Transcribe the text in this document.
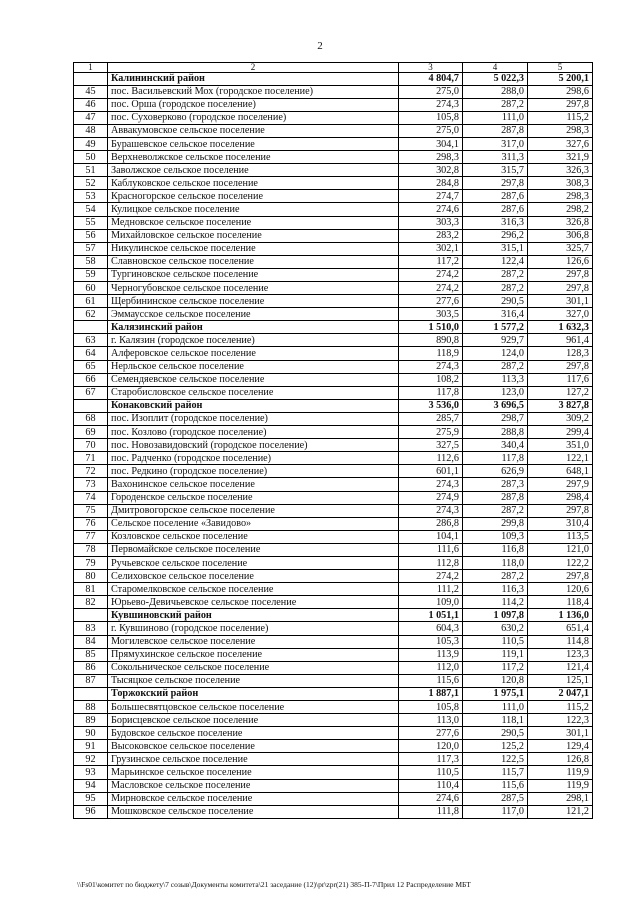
2
1	2	3	4	5
	Калининский район	4 804,7	5 022,3	5 200,1
45	пос. Васильевский Мох (городское поселение)	275,0	288,0	298,6
46	пос. Орша (городское поселение)	274,3	287,2	297,8
47	пос. Суховерково (городское поселение)	105,8	111,0	115,2
48	Аввакумовское сельское поселение	275,0	287,8	298,3
49	Бурашевское сельское поселение	304,1	317,0	327,6
50	Верхневолжское сельское поселение	298,3	311,3	321,9
51	Заволжское сельское поселение	302,8	315,7	326,3
52	Каблуковское сельское поселение	284,8	297,8	308,3
53	Красногорское сельское поселение	274,7	287,6	298,3
54	Кулицкое сельское поселение	274,6	287,6	298,2
55	Медновское сельское поселение	303,3	316,3	326,8
56	Михайловское сельское поселение	283,2	296,2	306,8
57	Никулинское сельское поселение	302,1	315,1	325,7
58	Славновское сельское поселение	117,2	122,4	126,6
59	Тургиновское сельское поселение	274,2	287,2	297,8
60	Черногубовское сельское поселение	274,2	287,2	297,8
61	Щербининское сельское поселение	277,6	290,5	301,1
62	Эммаусское сельское поселение	303,5	316,4	327,0
	Калязинский район	1 510,0	1 577,2	1 632,3
63	г. Калязин (городское поселение)	890,8	929,7	961,4
64	Алферовское сельское поселение	118,9	124,0	128,3
65	Нерльское сельское поселение	274,3	287,2	297,8
66	Семендяевское сельское поселение	108,2	113,3	117,6
67	Старобисловское сельское поселение	117,8	123,0	127,2
	Конаковский район	3 536,0	3 696,5	3 827,8
68	пос. Изоплит (городское поселение)	285,7	298,7	309,2
69	пос. Козлово (городское поселение)	275,9	288,8	299,4
70	пос. Новозавидовский (городское поселение)	327,5	340,4	351,0
71	пос. Радченко (городское поселение)	112,6	117,8	122,1
72	пос. Редкино (городское поселение)	601,1	626,9	648,1
73	Вахонинское сельское поселение	274,3	287,3	297,9
74	Городенское сельское поселение	274,9	287,8	298,4
75	Дмитровогорское сельское поселение	274,3	287,2	297,8
76	Сельское поселение «Завидово»	286,8	299,8	310,4
77	Козловское сельское поселение	104,1	109,3	113,5
78	Первомайское сельское поселение	111,6	116,8	121,0
79	Ручьевское сельское поселение	112,8	118,0	122,2
80	Селиховское сельское поселение	274,2	287,2	297,8
81	Старомелковское сельское поселение	111,2	116,3	120,6
82	Юрьево-Девичьевское сельское поселение	109,0	114,2	118,4
	Кувшиновский район	1 051,1	1 097,8	1 136,0
83	г. Кувшиново (городское поселение)	604,3	630,2	651,4
84	Могилевское сельское поселение	105,3	110,5	114,8
85	Прямухинское сельское поселение	113,9	119,1	123,3
86	Сокольническое сельское поселение	112,0	117,2	121,4
87	Тысяцкое сельское поселение	115,6	120,8	125,1
	Торжокский район	1 887,1	1 975,1	2 047,1
88	Большесвятцовское сельское поселение	105,8	111,0	115,2
89	Борисцевское сельское поселение	113,0	118,1	122,3
90	Будовское сельское поселение	277,6	290,5	301,1
91	Высоковское сельское поселение	120,0	125,2	129,4
92	Грузинское сельское поселение	117,3	122,5	126,8
93	Марьинское сельское поселение	110,5	115,7	119,9
94	Масловское сельское поселение	110,4	115,6	119,9
95	Мирновское сельское поселение	274,6	287,5	298,1
96	Мошковское сельское поселение	111,8	117,0	121,2
\\Fs01\комитет по бюджету\7 созыв\Документы комитета\21 заседание (12)\pr\zpr(21) 385-П-7\Прил 12 Распределение МБТ
